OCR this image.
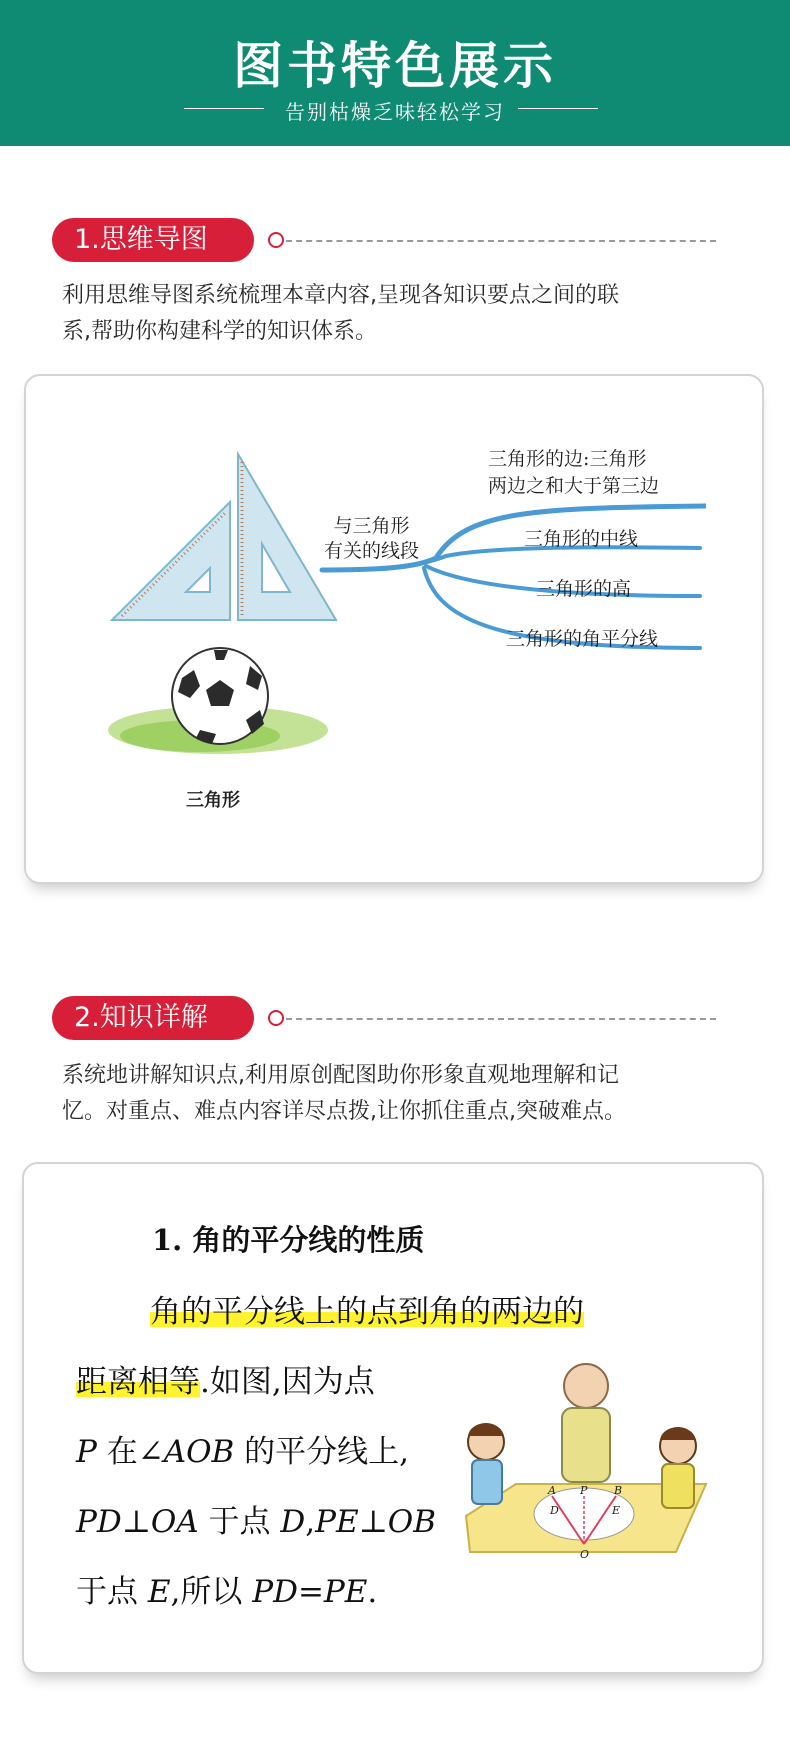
图书特色展示
告别枯燥乏味轻松学习
1.思维导图
利用思维导图系统梳理本章内容,呈现各知识要点之间的联
系,帮助你构建科学的知识体系。
与三角形
有关的线段
三角形的边:三角形
两边之和大于第三边
三角形的中线
三角形的高
三角形的角平分线
三角形
2.知识详解
系统地讲解知识点,利用原创配图助你形象直观地理解和记
忆。对重点、难点内容详尽点拨,让你抓住重点,突破难点。
1. 角的平分线的性质
角的平分线上的点到角的两边的
距离相等.如图,因为点
P 在∠AOB 的平分线上,
PD⊥OA 于点 D,PE⊥OB
于点 E,所以 PD=PE.
A
D
P B
E
O
